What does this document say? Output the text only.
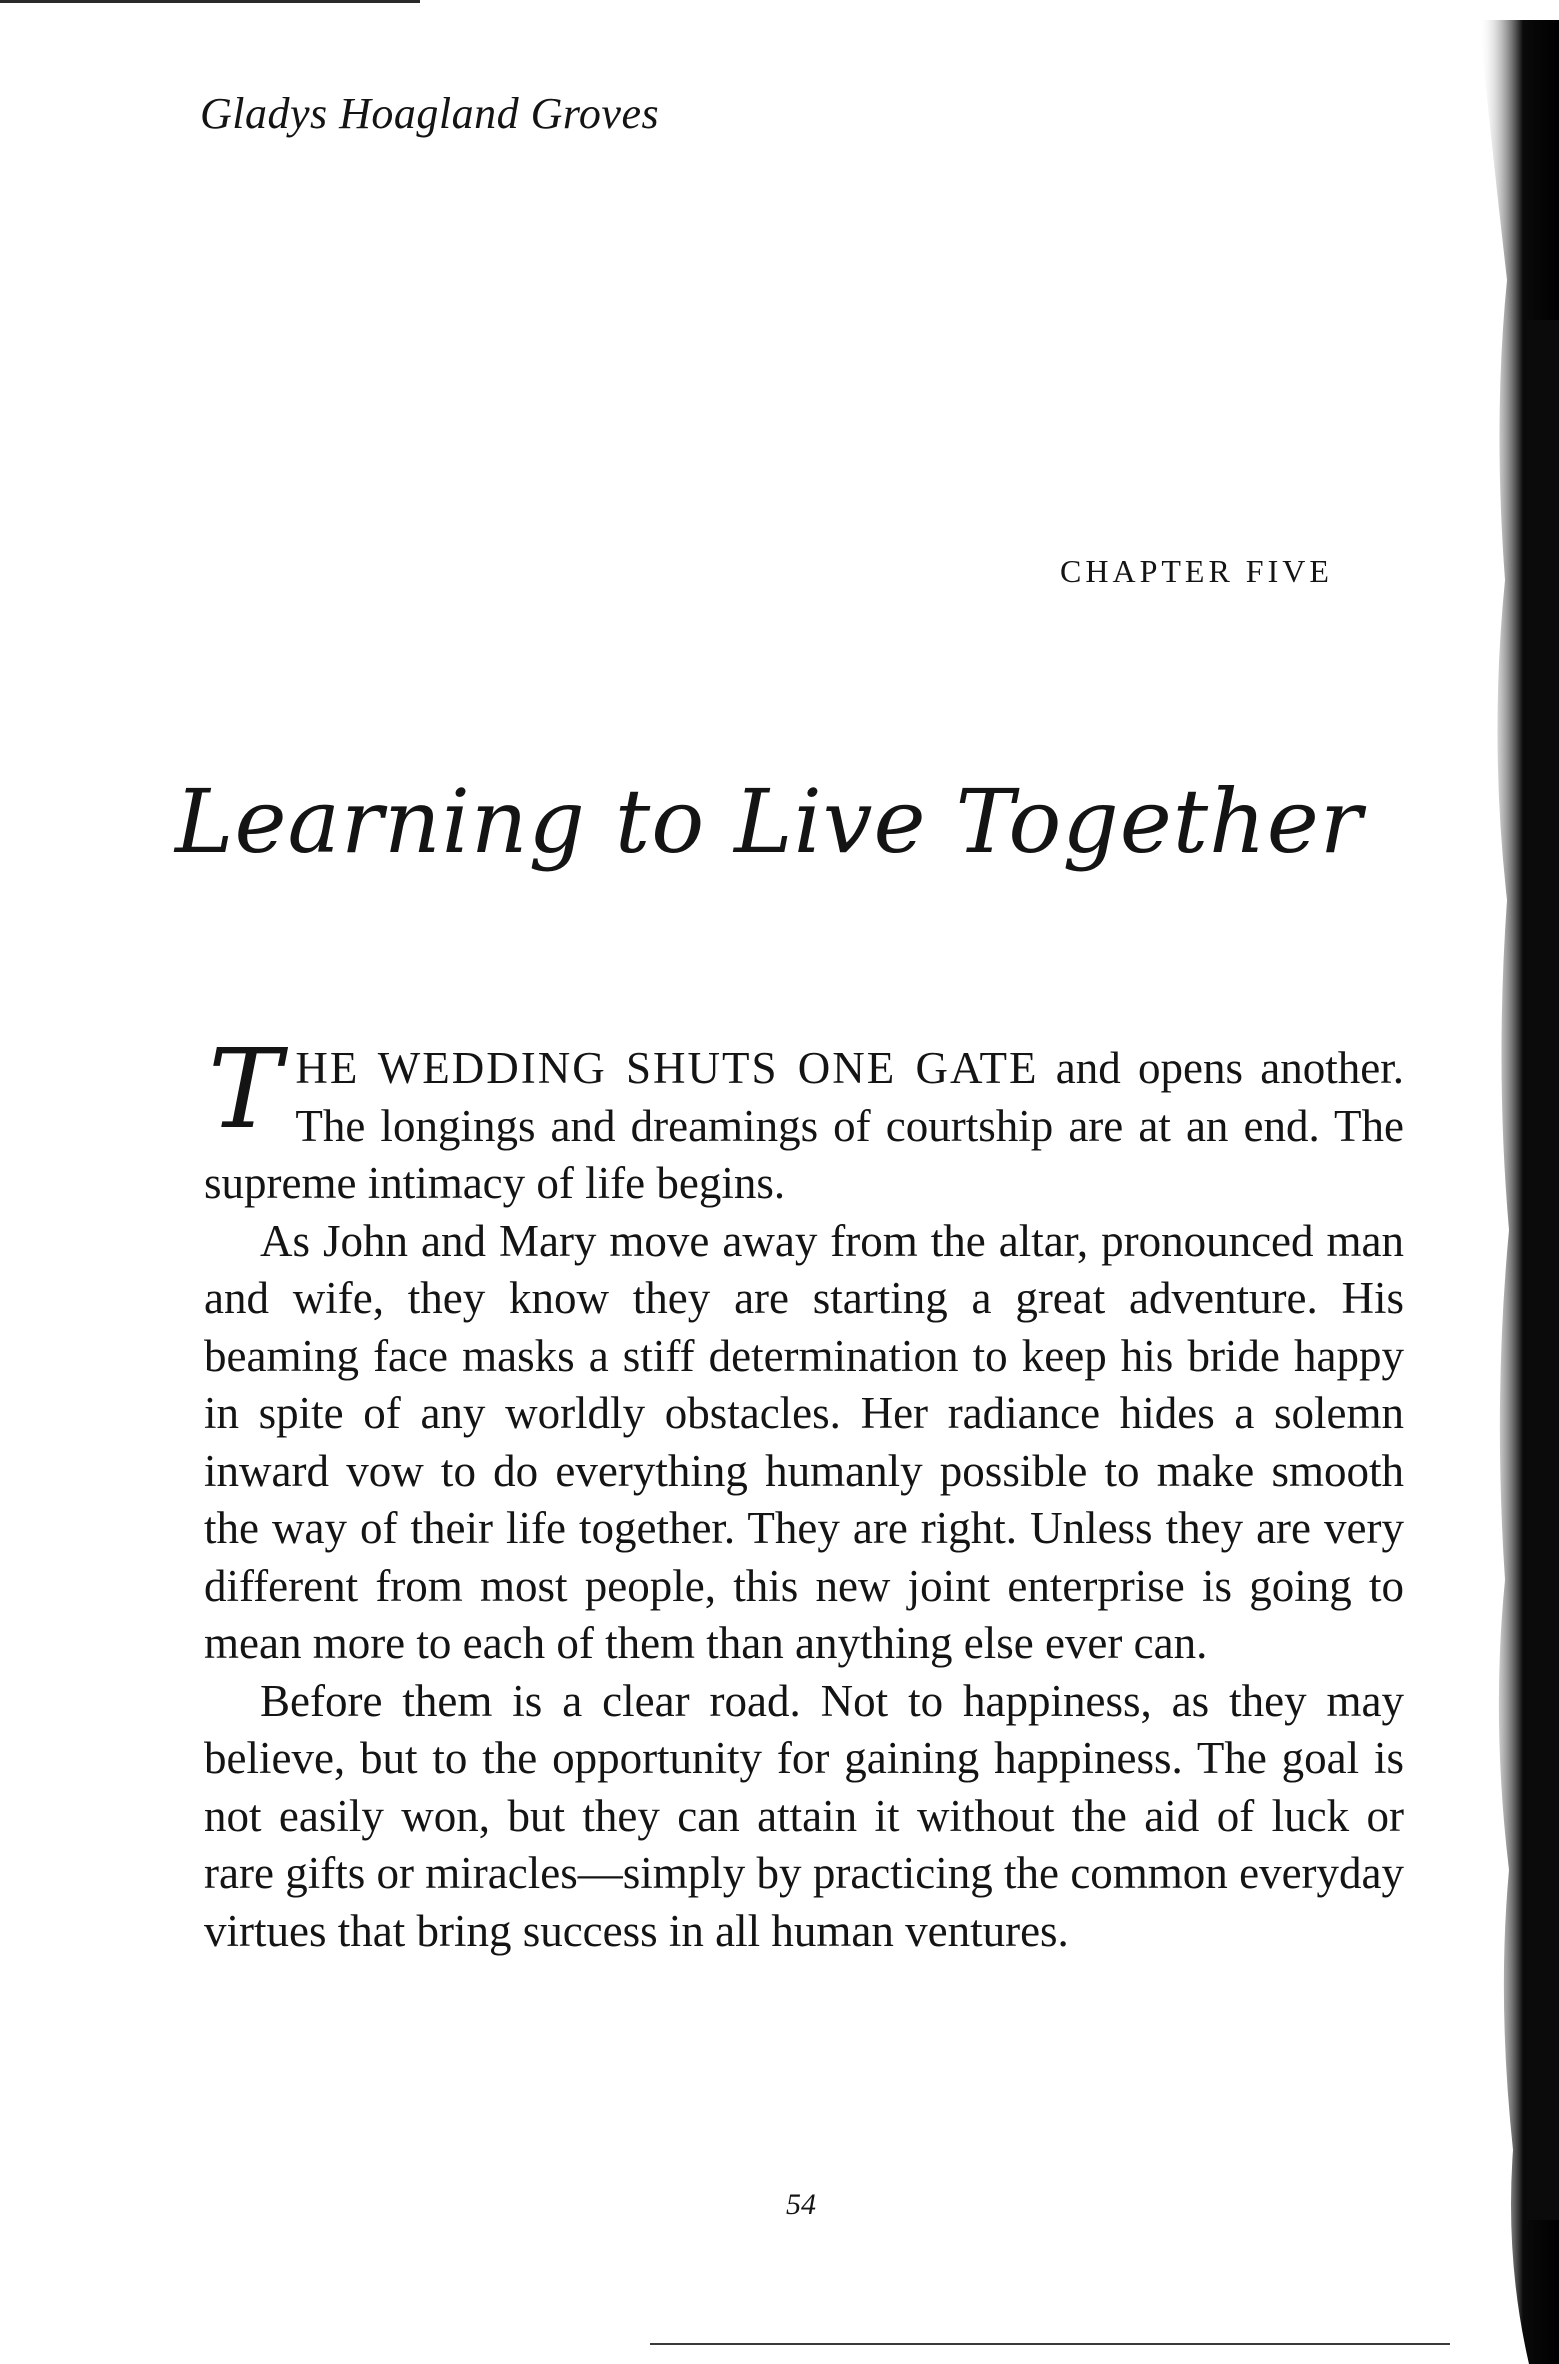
Gladys Hoagland Groves
CHAPTER FIVE
Learning to Live Together

THE WEDDING SHUTS ONE GATE and opens another. The longings and dreamings of courtship are at an end. The supreme intimacy of life begins.

As John and Mary move away from the altar, pronounced man and wife, they know they are starting a great adventure. His beaming face masks a stiff determination to keep his bride happy in spite of any worldly obstacles. Her radiance hides a solemn inward vow to do everything humanly possible to make smooth the way of their life together. They are right. Unless they are very different from most people, this new joint enterprise is going to mean more to each of them than anything else ever can.

Before them is a clear road. Not to happiness, as they may believe, but to the opportunity for gaining happiness. The goal is not easily won, but they can attain it without the aid of luck or rare gifts or miracles—simply by practicing the common everyday virtues that bring success in all human ventures.

54
